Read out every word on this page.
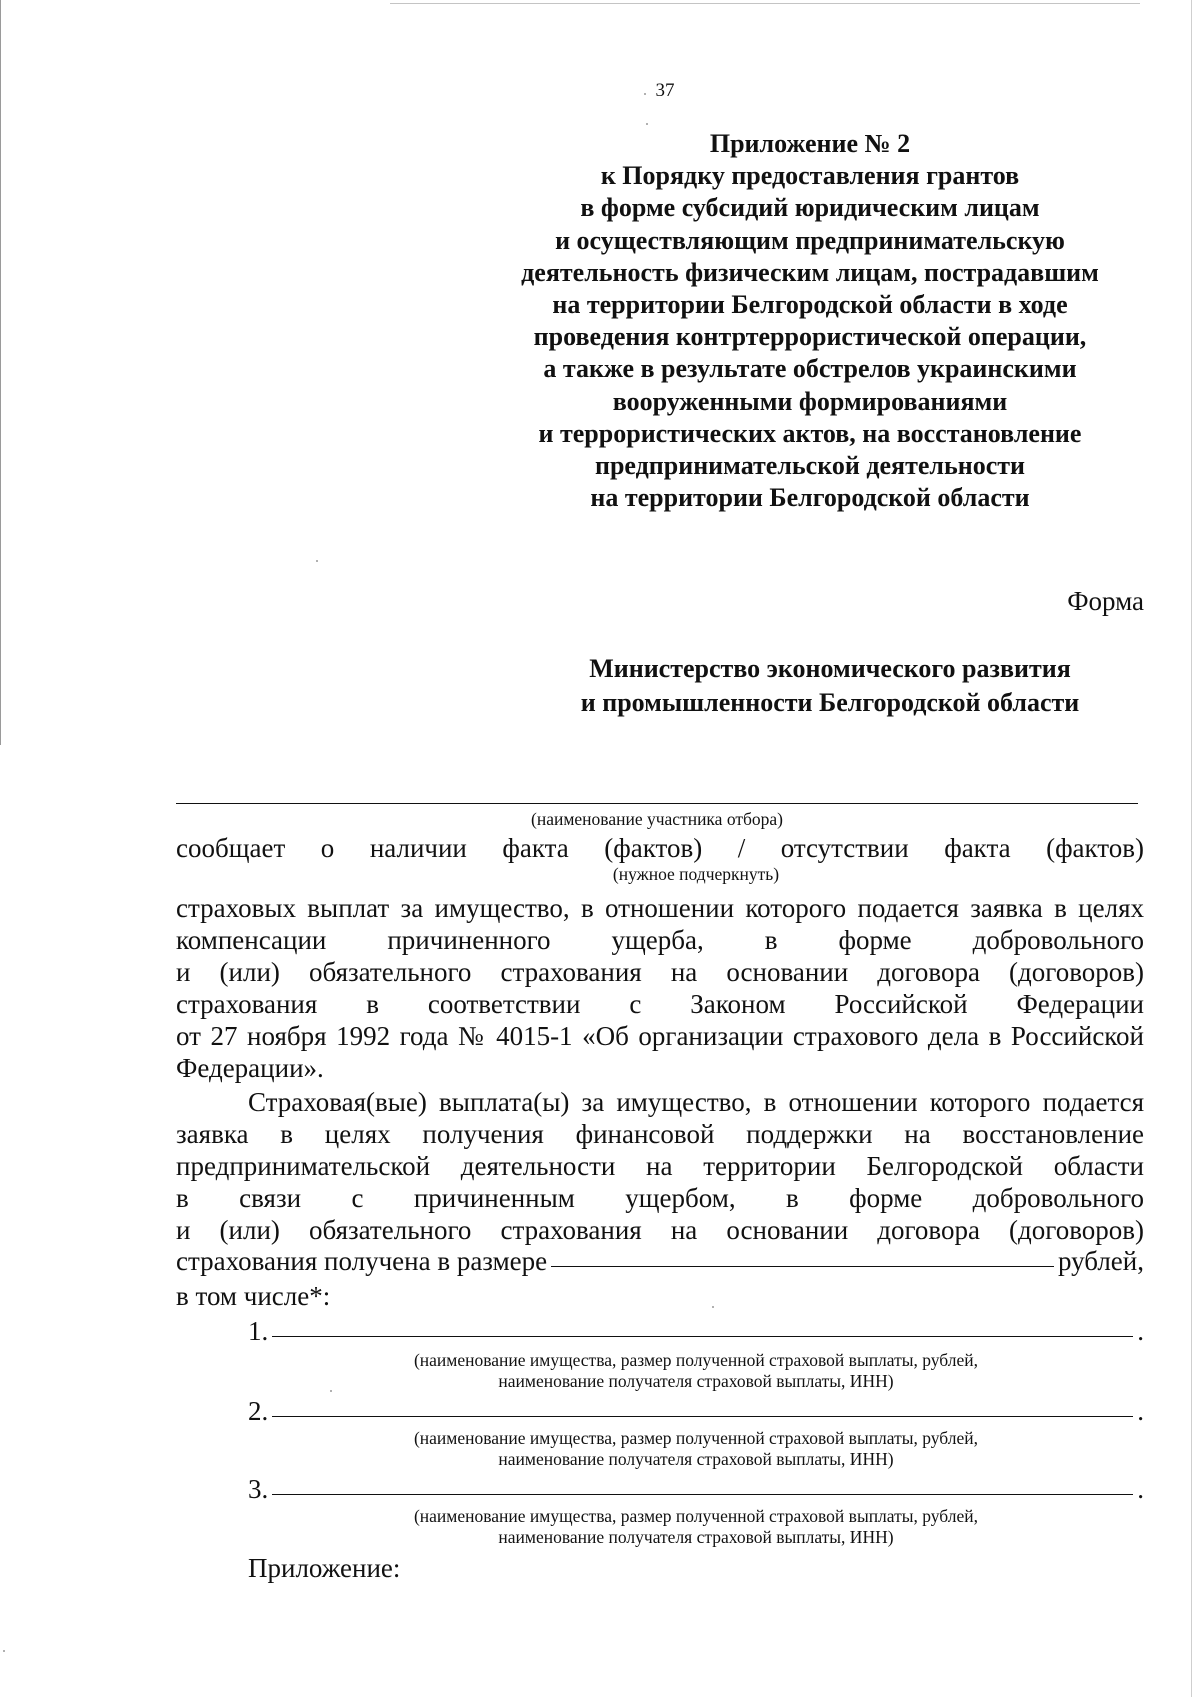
37
Приложение № 2
к Порядку предоставления грантов
в форме субсидий юридическим лицам
и осуществляющим предпринимательскую
деятельность физическим лицам, пострадавшим
на территории Белгородской области в ходе
проведения контртеррористической операции,
а также в результате обстрелов украинскими
вооруженными формированиями
и террористических актов, на восстановление
предпринимательской деятельности
на территории Белгородской области
Форма
Министерство экономического развития
и промышленности Белгородской области
(наименование участника отбора)
сообщает о наличии факта (фактов) / отсутствии факта (фактов)
(нужное подчеркнуть)
страховых выплат за имущество, в отношении которого подается заявка в целях
компенсации причиненного ущерба, в форме добровольного
и (или) обязательного страхования на основании договора (договоров)
страхования в соответствии с Законом Российской Федерации
от 27 ноября 1992 года № 4015-1 «Об организации страхового дела в Российской
Федерации».
Страховая(вые) выплата(ы) за имущество, в отношении которого подается
заявка в целях получения финансовой поддержки на восстановление
предпринимательской деятельности на территории Белгородской области
в связи с причиненным ущербом, в форме добровольного
и (или) обязательного страхования на основании договора (договоров)
страхования получена в размере	рублей,
в том числе*:
1.	.
(наименование имущества, размер полученной страховой выплаты, рублей,
наименование получателя страховой выплаты, ИНН)
2.	.
(наименование имущества, размер полученной страховой выплаты, рублей,
наименование получателя страховой выплаты, ИНН)
3.	.
(наименование имущества, размер полученной страховой выплаты, рублей,
наименование получателя страховой выплаты, ИНН)
Приложение:
